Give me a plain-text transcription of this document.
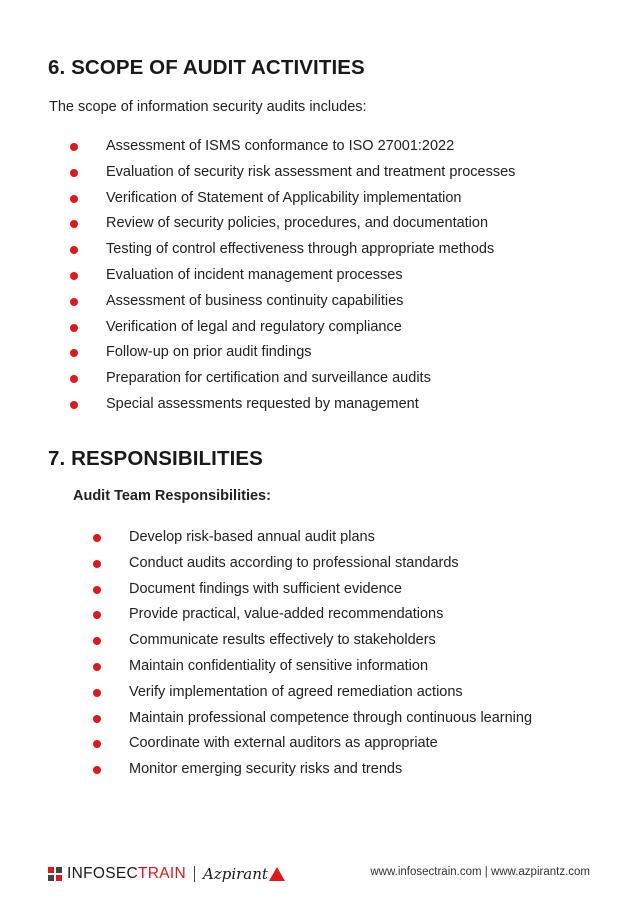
6. SCOPE OF AUDIT ACTIVITIES
The scope of information security audits includes:
Assessment of ISMS conformance to ISO 27001:2022
Evaluation of security risk assessment and treatment processes
Verification of Statement of Applicability implementation
Review of security policies, procedures, and documentation
Testing of control effectiveness through appropriate methods
Evaluation of incident management processes
Assessment of business continuity capabilities
Verification of legal and regulatory compliance
Follow-up on prior audit findings
Preparation for certification and surveillance audits
Special assessments requested by management
7. RESPONSIBILITIES
Audit Team Responsibilities:
Develop risk-based annual audit plans
Conduct audits according to professional standards
Document findings with sufficient evidence
Provide practical, value-added recommendations
Communicate results effectively to stakeholders
Maintain confidentiality of sensitive information
Verify implementation of agreed remediation actions
Maintain professional competence through continuous learning
Coordinate with external auditors as appropriate
Monitor emerging security risks and trends
INFOSECTRAIN Azpirant	www.infosectrain.com | www.azpirantz.com
